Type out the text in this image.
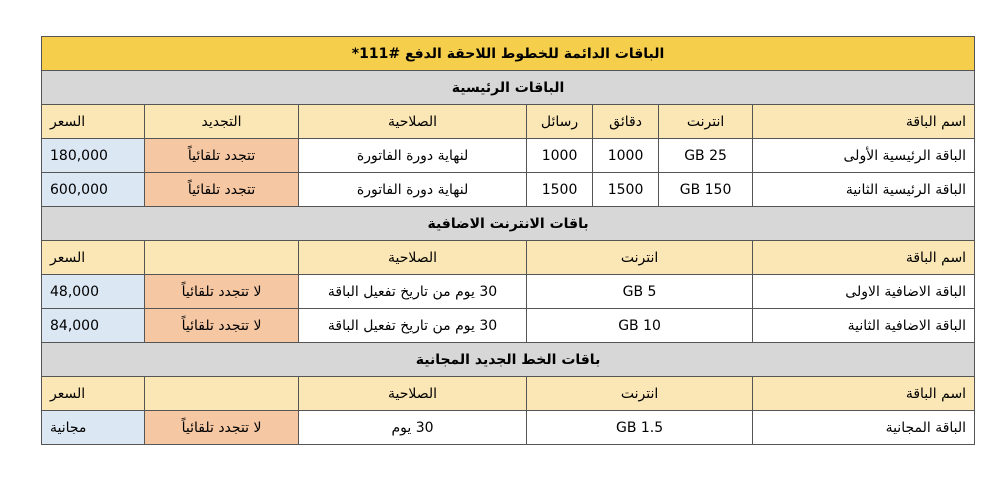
الباقات الدائمة للخطوط اللاحقة الدفع #111*						
الباقات الرئيسية						
اسم الباقة	انترنت	دقائق	رسائل	الصلاحية	التجديد	السعر
الباقة الرئيسية الأولى	25 GB	1000	1000	لنهاية دورة الفاتورة	تتجدد تلقائياً	180,000
الباقة الرئيسية الثانية	150 GB	1500	1500	لنهاية دورة الفاتورة	تتجدد تلقائياً	600,000
باقات الانترنت الاضافية						
اسم الباقة	انترنت			الصلاحية		السعر
الباقة الاضافية الاولى	5 GB			30 يوم من تاريخ تفعيل الباقة	لا تتجدد تلقائياً	48,000
الباقة الاضافية الثانية	10 GB			30 يوم من تاريخ تفعيل الباقة	لا تتجدد تلقائياً	84,000
باقات الخط الجديد المجانية						
اسم الباقة	انترنت			الصلاحية		السعر
الباقة المجانية	1.5 GB			30 يوم	لا تتجدد تلقائياً	مجانية
